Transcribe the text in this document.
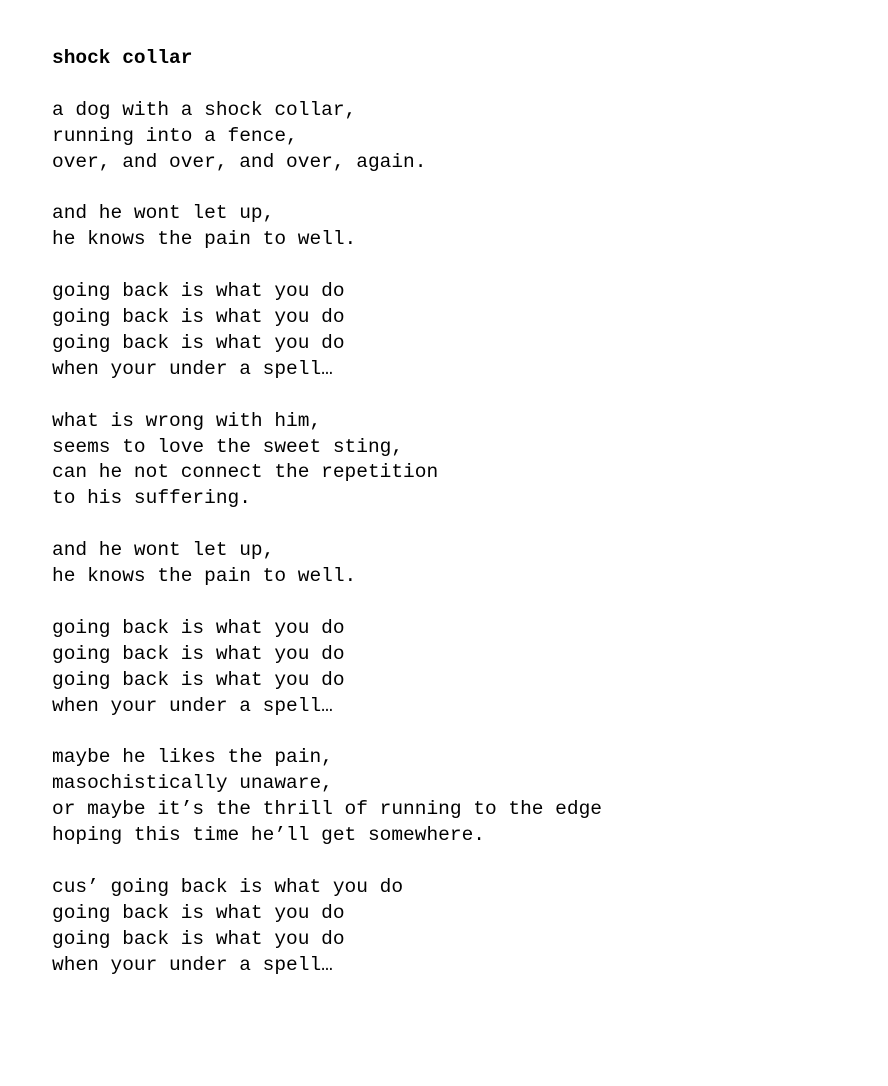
shock collar
a dog with a shock collar,
running into a fence,
over, and over, and over, again.
and he wont let up,
he knows the pain to well.
going back is what you do
going back is what you do
going back is what you do
when your under a spell…
what is wrong with him,
seems to love the sweet sting,
can he not connect the repetition
to his suffering.
and he wont let up,
he knows the pain to well.
going back is what you do
going back is what you do
going back is what you do
when your under a spell…
maybe he likes the pain,
masochistically unaware,
or maybe it’s the thrill of running to the edge
hoping this time he’ll get somewhere.
cus’ going back is what you do
going back is what you do
going back is what you do
when your under a spell…
